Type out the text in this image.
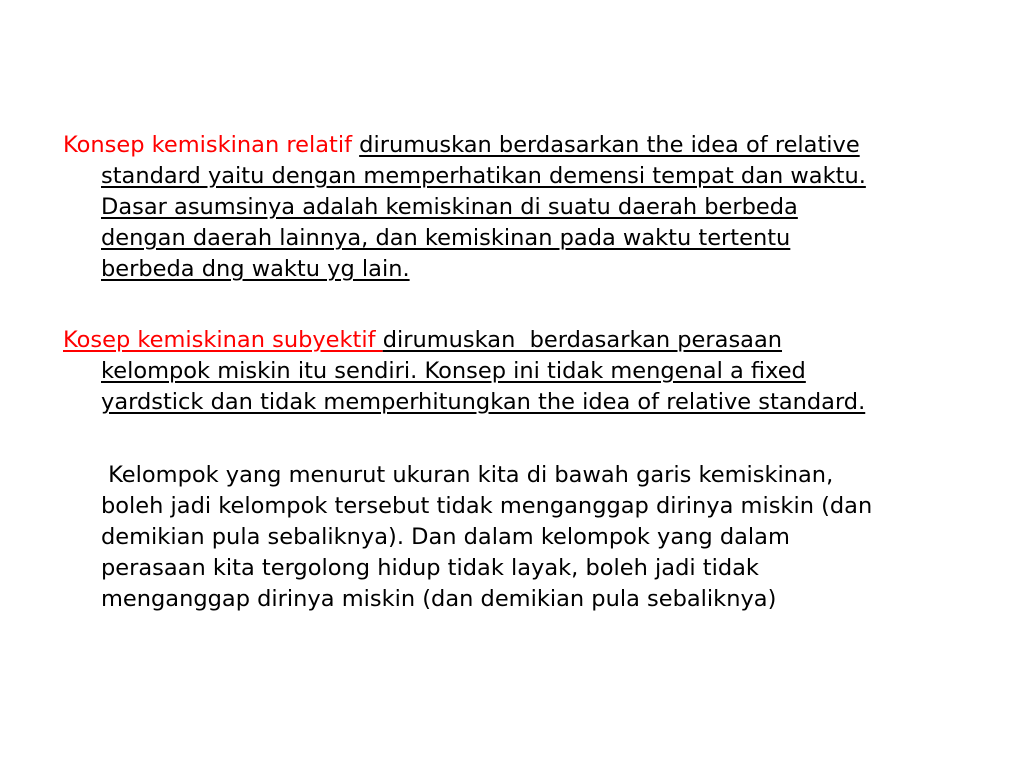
Konsep kemiskinan relatif dirumuskan berdasarkan the idea of relative
standard yaitu dengan memperhatikan demensi tempat dan waktu.
Dasar asumsinya adalah kemiskinan di suatu daerah berbeda
dengan daerah lainnya, dan kemiskinan pada waktu tertentu
berbeda dng waktu yg lain.

Kosep kemiskinan subyektif dirumuskan  berdasarkan perasaan
kelompok miskin itu sendiri. Konsep ini tidak mengenal a fixed
yardstick dan tidak memperhitungkan the idea of relative standard.

Kelompok yang menurut ukuran kita di bawah garis kemiskinan,
boleh jadi kelompok tersebut tidak menganggap dirinya miskin (dan
demikian pula sebaliknya). Dan dalam kelompok yang dalam
perasaan kita tergolong hidup tidak layak, boleh jadi tidak
menganggap dirinya miskin (dan demikian pula sebaliknya)
